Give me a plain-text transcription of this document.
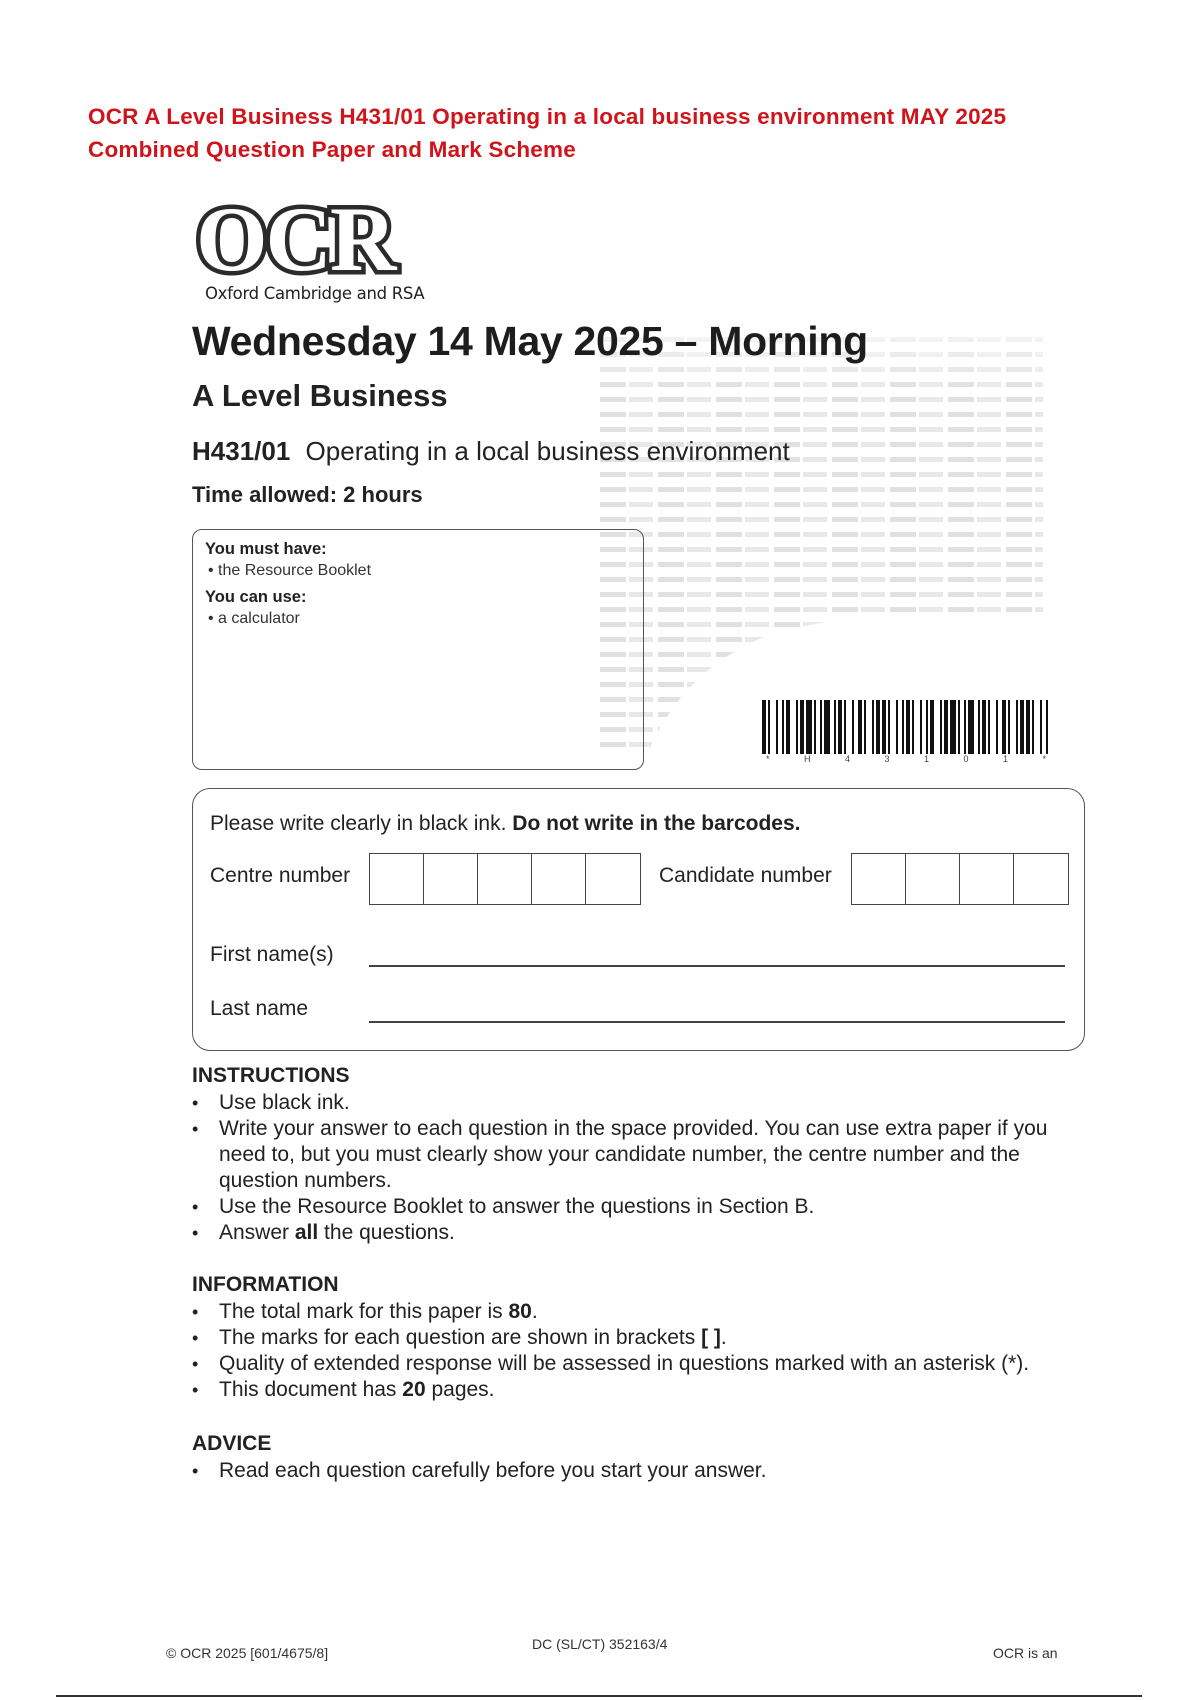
OCR A Level Business H431/01 Operating in a local business environment MAY 2025
Combined Question Paper and Mark Scheme
OCR
Oxford Cambridge and RSA
Wednesday 14 May 2025 – Morning
A Level Business
H431/01 Operating in a local business environment
Time allowed: 2 hours
You must have:
• the Resource Booklet
You can use:
• a calculator
*	H	4	3	1	0	1	*
Please write clearly in black ink. Do not write in the barcodes.
Centre number	Candidate number
First name(s)
Last name
INSTRUCTIONS
• Use black ink.
• Write your answer to each question in the space provided. You can use extra paper if you need to, but you must clearly show your candidate number, the centre number and the question numbers.
• Use the Resource Booklet to answer the questions in Section B.
• Answer all the questions.
INFORMATION
• The total mark for this paper is 80.
• The marks for each question are shown in brackets [ ].
• Quality of extended response will be assessed in questions marked with an asterisk (*).
• This document has 20 pages.
ADVICE
• Read each question carefully before you start your answer.
© OCR 2025 [601/4675/8]
DC (SL/CT) 352163/4
OCR is an
